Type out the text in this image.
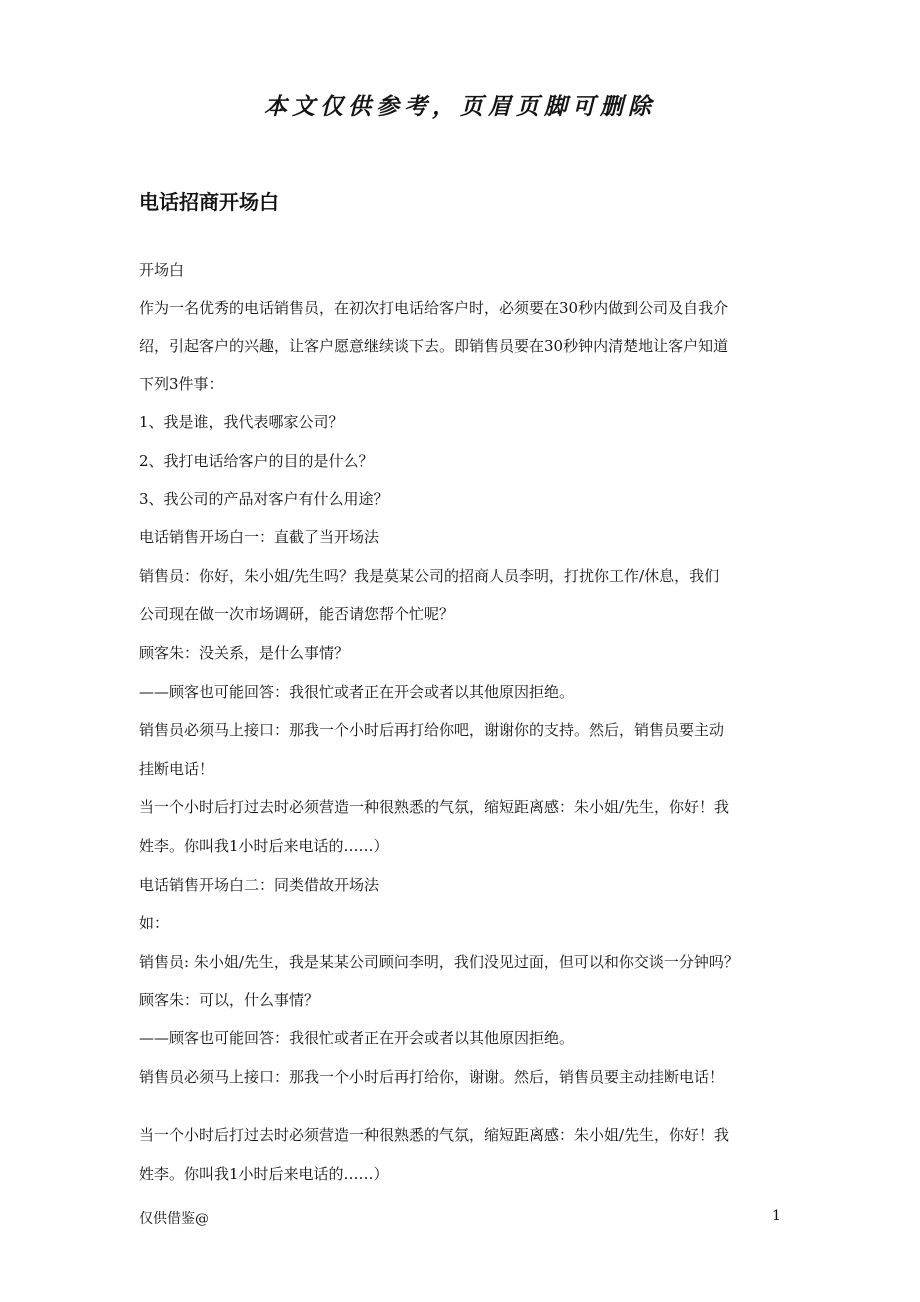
本文仅供参考，页眉页脚可删除
电话招商开场白
开场白
作为一名优秀的电话销售员，在初次打电话给客户时，必须要在30秒内做到公司及自我介
绍，引起客户的兴趣，让客户愿意继续谈下去。即销售员要在30秒钟内清楚地让客户知道
下列3件事：
1、我是谁，我代表哪家公司？
2、我打电话给客户的目的是什么？
3、我公司的产品对客户有什么用途？
电话销售开场白一：直截了当开场法
销售员：你好，朱小姐/先生吗？我是莫某公司的招商人员李明，打扰你工作/休息，我们
公司现在做一次市场调研，能否请您帮个忙呢？
顾客朱：没关系，是什么事情？
——顾客也可能回答：我很忙或者正在开会或者以其他原因拒绝。
销售员必须马上接口：那我一个小时后再打给你吧，谢谢你的支持。然后，销售员要主动
挂断电话！
当一个小时后打过去时必须营造一种很熟悉的气氛，缩短距离感：朱小姐/先生，你好！我
姓李。你叫我1小时后来电话的……）
电话销售开场白二：同类借故开场法
如：
销售员: 朱小姐/先生，我是某某公司顾问李明，我们没见过面，但可以和你交谈一分钟吗？
顾客朱：可以，什么事情？
——顾客也可能回答：我很忙或者正在开会或者以其他原因拒绝。
销售员必须马上接口：那我一个小时后再打给你，谢谢。然后，销售员要主动挂断电话！
当一个小时后打过去时必须营造一种很熟悉的气氛，缩短距离感：朱小姐/先生，你好！我
姓李。你叫我1小时后来电话的……）
仅供借鉴@	1
